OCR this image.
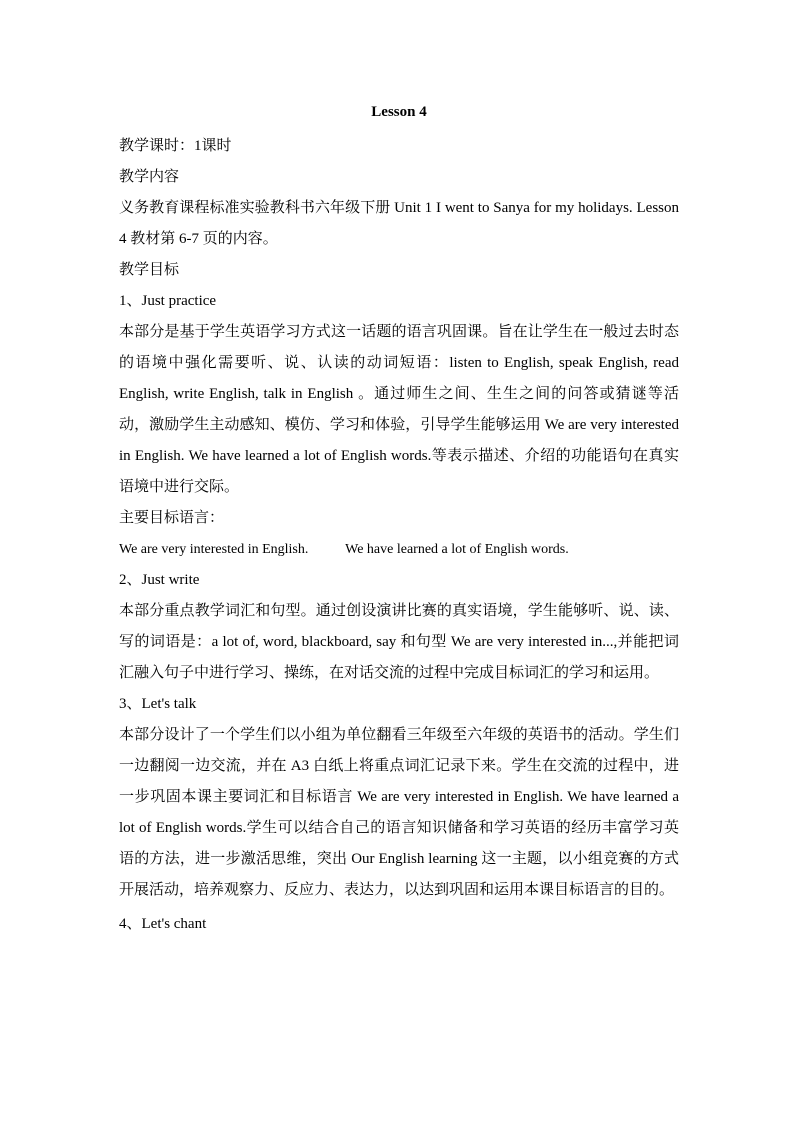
Lesson 4

教学课时：1课时

教学内容

义务教育课程标准实验教科书六年级下册 Unit 1 I went to Sanya for my holidays. Lesson 4 教材第 6-7 页的内容。

教学目标

1、Just practice

本部分是基于学生英语学习方式这一话题的语言巩固课。旨在让学生在一般过去时态的语境中强化需要听、说、认读的动词短语：listen to English, speak English, read English, write English, talk in English 。通过师生之间、生生之间的问答或猜谜等活动，激励学生主动感知、模仿、学习和体验，引导学生能够运用 We are very interested in English. We have learned a lot of English words.等表示描述、介绍的功能语句在真实语境中进行交际。

主要目标语言：

We are very interested in English.	We have learned a lot of English words.

2、Just write

本部分重点教学词汇和句型。通过创设演讲比赛的真实语境，学生能够听、说、读、写的词语是：a lot of, word, blackboard, say 和句型 We are very interested in...,并能把词汇融入句子中进行学习、操练，在对话交流的过程中完成目标词汇的学习和运用。

3、Let's talk

本部分设计了一个学生们以小组为单位翻看三年级至六年级的英语书的活动。学生们一边翻阅一边交流，并在 A3 白纸上将重点词汇记录下来。学生在交流的过程中，进一步巩固本课主要词汇和目标语言 We are very interested in English. We have learned a lot of English words.学生可以结合自己的语言知识储备和学习英语的经历丰富学习英语的方法，进一步激活思维，突出 Our English learning 这一主题，以小组竞赛的方式开展活动，培养观察力、反应力、表达力，以达到巩固和运用本课目标语言的目的。

4、Let's chant
